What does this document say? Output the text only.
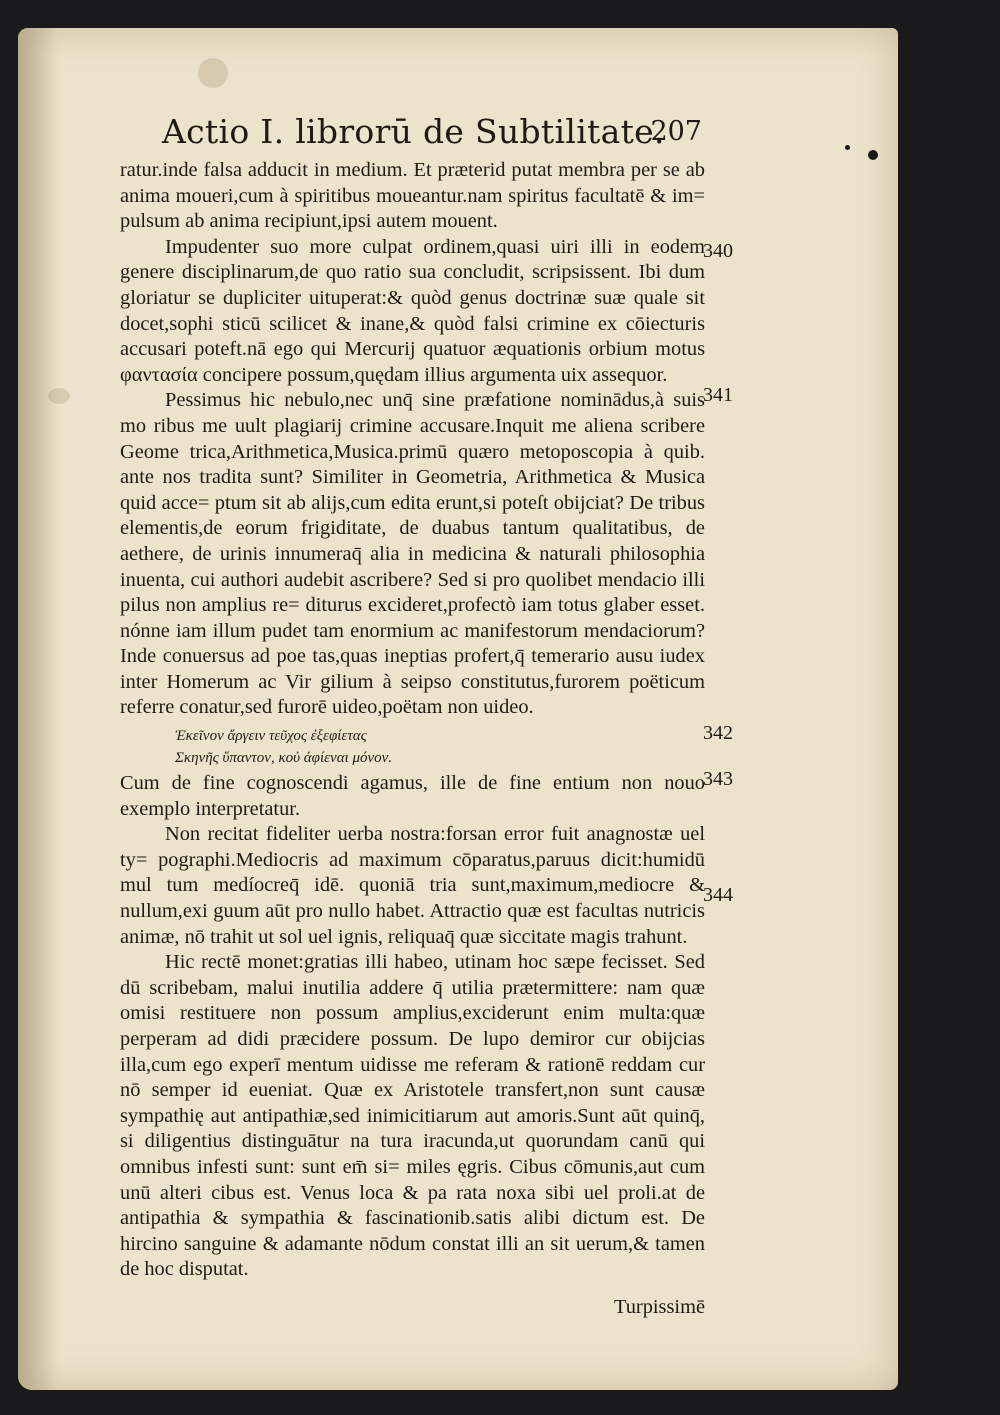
Actio I. librorū de Subtilitate.
207

ratur.inde falsa adducit in medium. Et præterid putat membra per se ab anima moueri,cum à spiritibus moueantur.nam spiritus facultatē & im= pulsum ab anima recipiunt,ipsi autem mouent.

Impudenter suo more culpat ordinem,quasi uiri illi in eodem genere disciplinarum,de quo ratio sua concludit, scripsissent. Ibi dum gloriatur se dupliciter uituperat:& quòd genus doctrinæ suæ quale sit docet,sophi sticū scilicet & inane,& quòd falsi crimine ex cōiecturis accusari poteft.nā ego qui Mercurij quatuor æquationis orbium motus φαντασία concipere possum,quędam illius argumenta uix assequor.

Pessimus hic nebulo,nec unq̄ sine præfatione nominādus,à suis mo ribus me uult plagiarij crimine accusare.Inquit me aliena scribere Geome trica,Arithmetica,Musica.primū quæro metoposcopia à quib. ante nos tradita sunt? Similiter in Geometria, Arithmetica & Musica quid acce= ptum sit ab alijs,cum edita erunt,si poteſt obijciat? De tribus elementis,de eorum frigiditate, de duabus tantum qualitatibus, de aethere, de urinis innumeraq̄ alia in medicina & naturali philosophia inuenta, cui authori audebit ascribere? Sed si pro quolibet mendacio illi pilus non amplius re= diturus excideret,profectò iam totus glaber esset. nónne iam illum pudet tam enormium ac manifestorum mendaciorum? Inde conuersus ad poe tas,quas ineptias profert,q̄ temerario ausu iudex inter Homerum ac Vir gilium à seipso constitutus,furorem poëticum referre conatur,sed furorē uideo,poëtam non uideo.

Ἐκεῖνον ἄργειν τεῦχος ἐξεφίετας
Σκηνῆς ὕπαντον, κοὐ ἀφίεναι μόνον.

Cum de fine cognoscendi agamus, ille de fine entium non nouo exemplo interpretatur.

Non recitat fideliter uerba nostra:forsan error fuit anagnostæ uel ty= pographi.Mediocris ad maximum cōparatus,paruus dicit:humidū mul tum medíocreq̄ idē. quoniā tria sunt,maximum,mediocre & nullum,exi guum aūt pro nullo habet. Attractio quæ est facultas nutricis animæ, nō trahit ut sol uel ignis, reliquaq̄ quæ siccitate magis trahunt.

Hic rectē monet:gratias illi habeo, utinam hoc sæpe fecisset. Sed dū scribebam, malui inutilia addere q̄ utilia prætermittere: nam quæ omisi restituere non possum amplius,exciderunt enim multa:quæ perperam ad didi præcidere possum. De lupo demiror cur obijcias illa,cum ego experī mentum uidisse me referam & rationē reddam cur nō semper id eueniat. Quæ ex Aristotele transfert,non sunt causæ sympathię aut antipathiæ,sed inimicitiarum aut amoris.Sunt aūt quinq̄, si diligentius distinguātur na tura iracunda,ut quorundam canū qui omnibus infesti sunt: sunt em̄ si= miles ęgris. Cibus cōmunis,aut cum unū alteri cibus est. Venus loca & pa rata noxa sibi uel proli.at de antipathia & sympathia & fascinationib.satis alibi dictum est. De hircino sanguine & adamante nōdum constat illi an sit uerum,& tamen de hoc disputat.

Turpissimē
340
341
342
343
344
